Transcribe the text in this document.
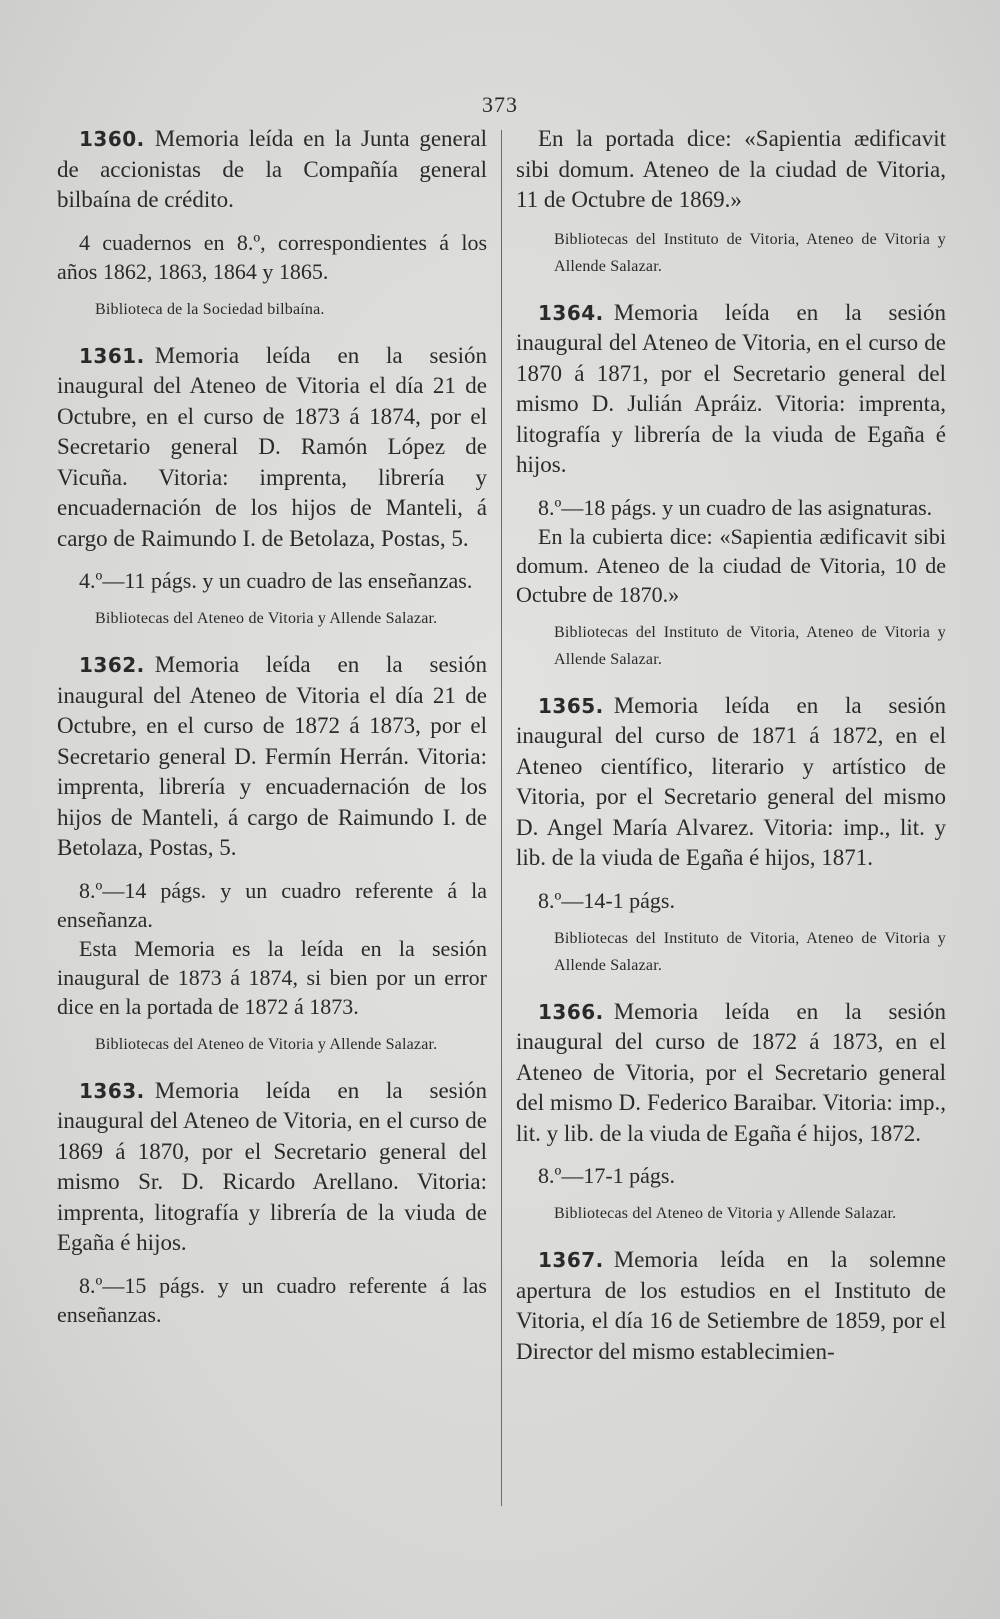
373

1360. Memoria leída en la Junta general de accionistas de la Compañía general bilbaína de crédito.

4 cuadernos en 8.º, correspondientes á los años 1862, 1863, 1864 y 1865.

Biblioteca de la Sociedad bilbaína.

1361. Memoria leída en la sesión inaugural del Ateneo de Vitoria el día 21 de Octubre, en el curso de 1873 á 1874, por el Secretario general D. Ramón López de Vicuña. Vitoria: imprenta, librería y encuadernación de los hijos de Manteli, á cargo de Raimundo I. de Betolaza, Postas, 5.

4.º—11 págs. y un cuadro de las enseñanzas.

Bibliotecas del Ateneo de Vitoria y Allende Salazar.

1362. Memoria leída en la sesión inaugural del Ateneo de Vitoria el día 21 de Octubre, en el curso de 1872 á 1873, por el Secretario general D. Fermín Herrán. Vitoria: imprenta, librería y encuadernación de los hijos de Manteli, á cargo de Raimundo I. de Betolaza, Postas, 5.

8.º—14 págs. y un cuadro referente á la enseñanza.

Esta Memoria es la leída en la sesión inaugural de 1873 á 1874, si bien por un error dice en la portada de 1872 á 1873.

Bibliotecas del Ateneo de Vitoria y Allende Salazar.

1363. Memoria leída en la sesión inaugural del Ateneo de Vitoria, en el curso de 1869 á 1870, por el Secretario general del mismo Sr. D. Ricardo Arellano. Vitoria: imprenta, litografía y librería de la viuda de Egaña é hijos.

8.º—15 págs. y un cuadro referente á las enseñanzas.

En la portada dice: «Sapientia ædificavit sibi domum. Ateneo de la ciudad de Vitoria, 11 de Octubre de 1869.»

Bibliotecas del Instituto de Vitoria, Ateneo de Vitoria y Allende Salazar.

1364. Memoria leída en la sesión inaugural del Ateneo de Vitoria, en el curso de 1870 á 1871, por el Secretario general del mismo D. Julián Apráiz. Vitoria: imprenta, litografía y librería de la viuda de Egaña é hijos.

8.º—18 págs. y un cuadro de las asignaturas.

En la cubierta dice: «Sapientia ædificavit sibi domum. Ateneo de la ciudad de Vitoria, 10 de Octubre de 1870.»

Bibliotecas del Instituto de Vitoria, Ateneo de Vitoria y Allende Salazar.

1365. Memoria leída en la sesión inaugural del curso de 1871 á 1872, en el Ateneo científico, literario y artístico de Vitoria, por el Secretario general del mismo D. Angel María Alvarez. Vitoria: imp., lit. y lib. de la viuda de Egaña é hijos, 1871.

8.º—14-1 págs.

Bibliotecas del Instituto de Vitoria, Ateneo de Vitoria y Allende Salazar.

1366. Memoria leída en la sesión inaugural del curso de 1872 á 1873, en el Ateneo de Vitoria, por el Secretario general del mismo D. Federico Baraibar. Vitoria: imp., lit. y lib. de la viuda de Egaña é hijos, 1872.

8.º—17-1 págs.

Bibliotecas del Ateneo de Vitoria y Allende Salazar.

1367. Memoria leída en la solemne apertura de los estudios en el Instituto de Vitoria, el día 16 de Setiembre de 1859, por el Director del mismo establecimien-
